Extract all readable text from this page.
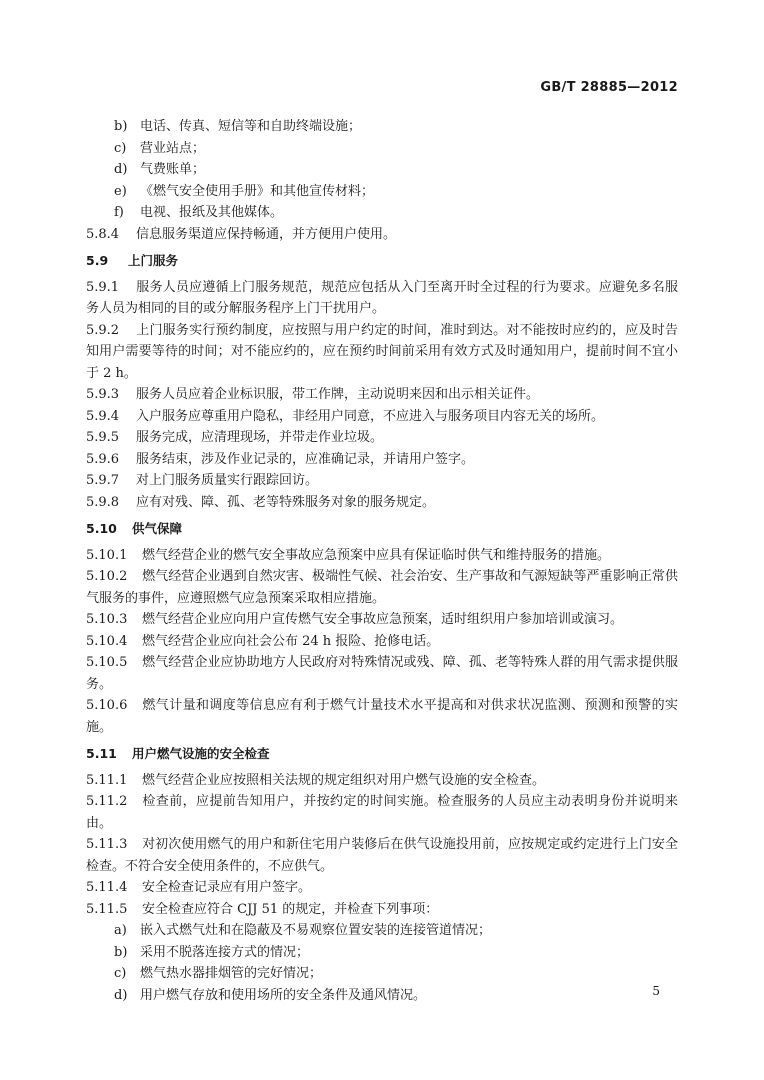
GB/T 28885—2012
b) 电话、传真、短信等和自助终端设施；
c)	营业站点；
d) 气费账单；
e)	《燃气安全使用手册》和其他宣传材料；
f)	电视、报纸及其他媒体。
5.8.4	信息服务渠道应保持畅通，并方便用户使用。
5.9 上门服务
5.9.1 服务人员应遵循上门服务规范，规范应包括从入门至离开时全过程的行为要求。应避免多名服务人员为相同的目的或分解服务程序上门干扰用户。
5.9.2 上门服务实行预约制度，应按照与用户约定的时间，准时到达。对不能按时应约的，应及时告知用户需要等待的时间；对不能应约的，应在预约时间前采用有效方式及时通知用户，提前时间不宜小于 2 h。
5.9.3	服务人员应着企业标识服，带工作牌，主动说明来因和出示相关证件。
5.9.4	入户服务应尊重用户隐私，非经用户同意，不应进入与服务项目内容无关的场所。
5.9.5	服务完成，应清理现场，并带走作业垃圾。
5.9.6	服务结束，涉及作业记录的，应准确记录，并请用户签字。
5.9.7	对上门服务质量实行跟踪回访。
5.9.8	应有对残、障、孤、老等特殊服务对象的服务规定。
5.10 供气保障
5.10.1	燃气经营企业的燃气安全事故应急预案中应具有保证临时供气和维持服务的措施。
5.10.2 燃气经营企业遇到自然灾害、极端性气候、社会治安、生产事故和气源短缺等严重影响正常供气服务的事件，应遵照燃气应急预案采取相应措施。
5.10.3	燃气经营企业应向用户宣传燃气安全事故应急预案，适时组织用户参加培训或演习。
5.10.4	燃气经营企业应向社会公布 24 h 报险、抢修电话。
5.10.5 燃气经营企业应协助地方人民政府对特殊情况或残、障、孤、老等特殊人群的用气需求提供服务。
5.10.6 燃气计量和调度等信息应有利于燃气计量技术水平提高和对供求状况监测、预测和预警的实施。
5.11 用户燃气设施的安全检查
5.11.1	燃气经营企业应按照相关法规的规定组织对用户燃气设施的安全检查。
5.11.2 检查前，应提前告知用户，并按约定的时间实施。检查服务的人员应主动表明身份并说明来由。
5.11.3 对初次使用燃气的用户和新住宅用户装修后在供气设施投用前，应按规定或约定进行上门安全检查。不符合安全使用条件的，不应供气。
5.11.4	安全检查记录应有用户签字。
5.11.5	安全检查应符合 CJJ 51 的规定，并检查下列事项：
a)	嵌入式燃气灶和在隐蔽及不易观察位置安装的连接管道情况；
b) 采用不脱落连接方式的情况；
c)	燃气热水器排烟管的完好情况；
d) 用户燃气存放和使用场所的安全条件及通风情况。	5
